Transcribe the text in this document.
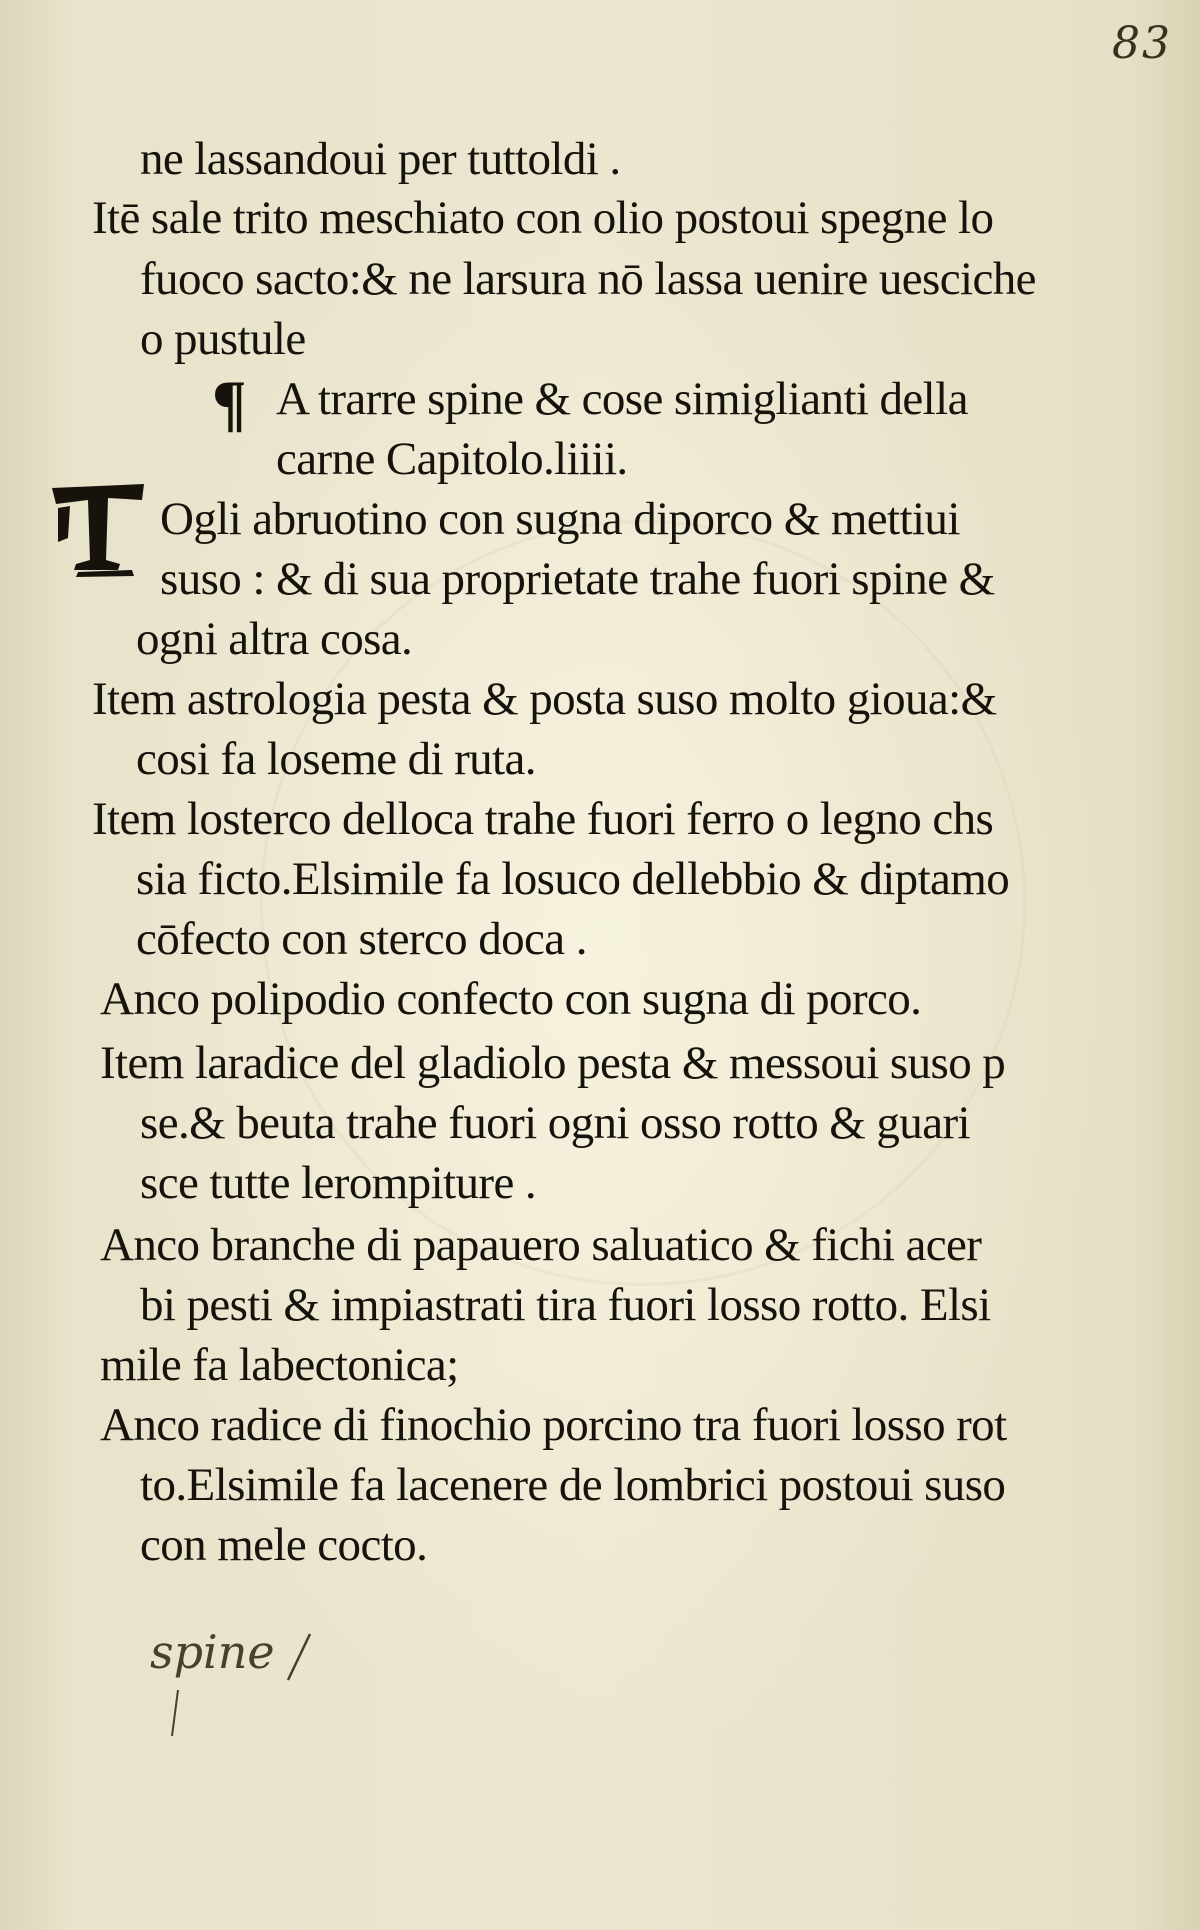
83
¶
ne lassandoui per tuttoldi .
Itē sale trito meschiato con olio postoui spegne lo
fuoco sacto:& ne larsura nō lassa uenire uesciche
o pustule
A trarre spine & cose simiglianti della
carne Capitolo.liiii.
Ogli abruotino con sugna diporco & mettiui
suso : & di sua proprietate trahe fuori spine &
ogni altra cosa.
Item astrologia pesta & posta suso molto gioua:&
cosi fa loseme di ruta.
Item losterco delloca trahe fuori ferro o legno chs
sia ficto.Elsimile fa losuco dellebbio & diptamo
cōfecto con sterco doca .
Anco polipodio confecto con sugna di porco.
Item laradice del gladiolo pesta & messoui suso p
se.& beuta trahe fuori ogni osso rotto & guari
sce tutte lerompiture .
Anco branche di papauero saluatico & fichi acer
bi pesti & impiastrati tira fuori losso rotto. Elsi
mile fa labectonica;
Anco radice di finochio porcino tra fuori losso rot
to.Elsimile fa lacenere de lombrici postoui suso
con mele cocto.
spine
